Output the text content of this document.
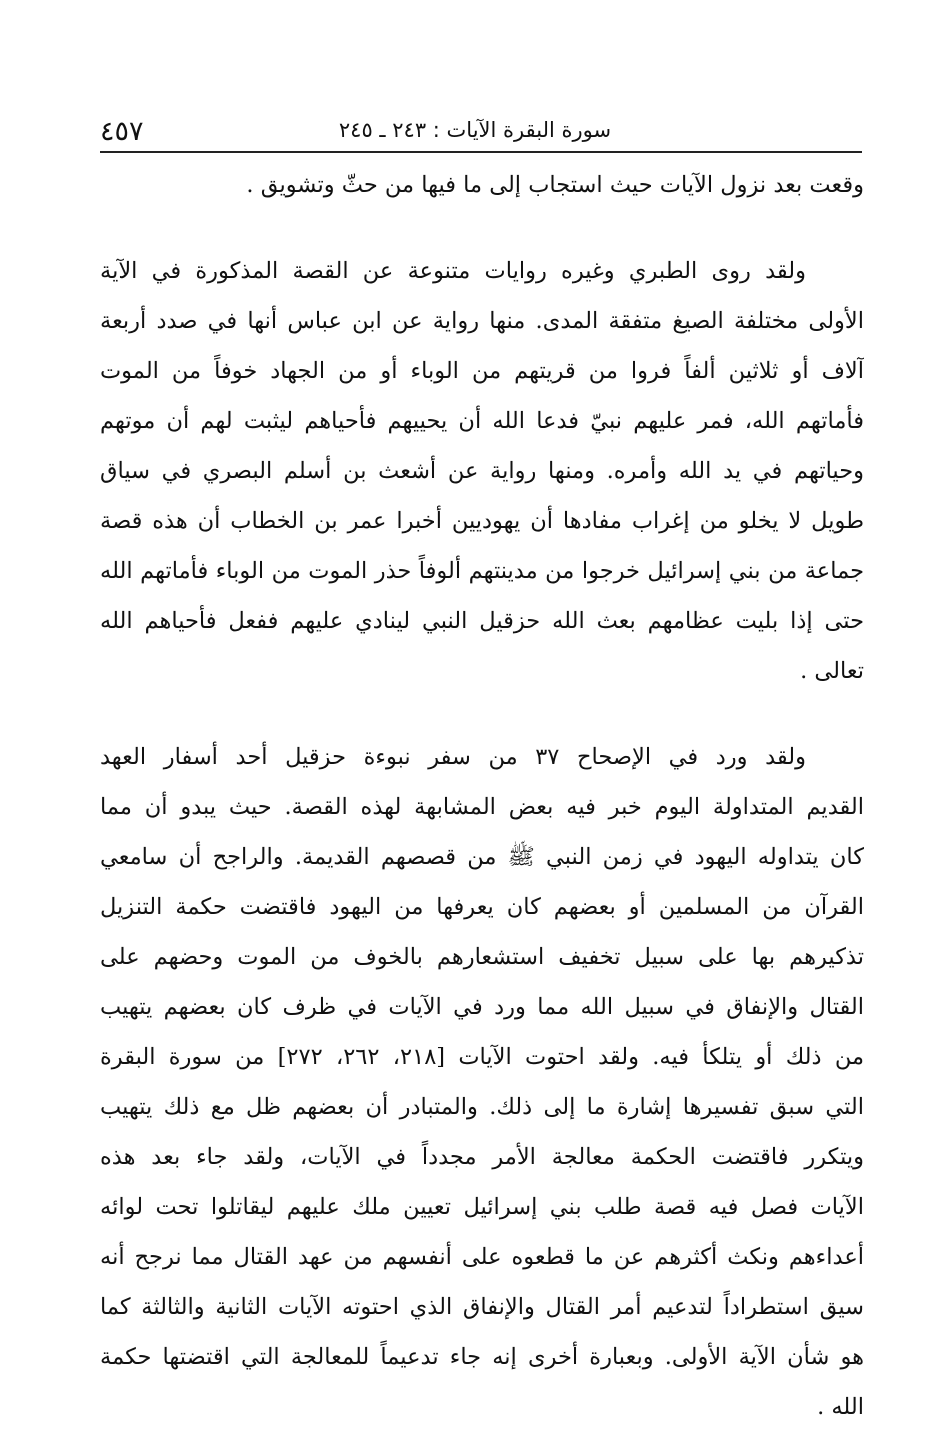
٤٥٧	سورة البقرة الآيات : ٢٤٣ ـ ٢٤٥
وقعت بعد نزول الآيات حيث استجاب إلى ما فيها من حثّ وتشويق .
ولقد روى الطبري وغيره روايات متنوعة عن القصة المذكورة في الآية
الأولى مختلفة الصيغ متفقة المدى. منها رواية عن ابن عباس أنها في صدد أربعة
آلاف أو ثلاثين ألفاً فروا من قريتهم من الوباء أو من الجهاد خوفاً من الموت
فأماتهم الله، فمر عليهم نبيّ فدعا الله أن يحييهم فأحياهم ليثبت لهم أن موتهم
وحياتهم في يد الله وأمره. ومنها رواية عن أشعث بن أسلم البصري في سياق
طويل لا يخلو من إغراب مفادها أن يهوديين أخبرا عمر بن الخطاب أن هذه قصة
جماعة من بني إسرائيل خرجوا من مدينتهم ألوفاً حذر الموت من الوباء فأماتهم الله
حتى إذا بليت عظامهم بعث الله حزقيل النبي لينادي عليهم ففعل فأحياهم الله
تعالى .
ولقد ورد في الإصحاح ٣٧ من سفر نبوءة حزقيل أحد أسفار العهد
القديم المتداولة اليوم خبر فيه بعض المشابهة لهذه القصة. حيث يبدو أن مما
كان يتداوله اليهود في زمن النبي ﷺ من قصصهم القديمة. والراجح أن سامعي
القرآن من المسلمين أو بعضهم كان يعرفها من اليهود فاقتضت حكمة التنزيل
تذكيرهم بها على سبيل تخفيف استشعارهم بالخوف من الموت وحضهم على
القتال والإنفاق في سبيل الله مما ورد في الآيات في ظرف كان بعضهم يتهيب
من ذلك أو يتلكأ فيه. ولقد احتوت الآيات [٢١٨، ٢٦٢، ٢٧٢] من سورة البقرة
التي سبق تفسيرها إشارة ما إلى ذلك. والمتبادر أن بعضهم ظل مع ذلك يتهيب
ويتكرر فاقتضت الحكمة معالجة الأمر مجدداً في الآيات، ولقد جاء بعد هذه
الآيات فصل فيه قصة طلب بني إسرائيل تعيين ملك عليهم ليقاتلوا تحت لوائه
أعداءهم ونكث أكثرهم عن ما قطعوه على أنفسهم من عهد القتال مما نرجح أنه
سيق استطراداً لتدعيم أمر القتال والإنفاق الذي احتوته الآيات الثانية والثالثة كما
هو شأن الآية الأولى. وبعبارة أخرى إنه جاء تدعيماً للمعالجة التي اقتضتها حكمة
الله .
